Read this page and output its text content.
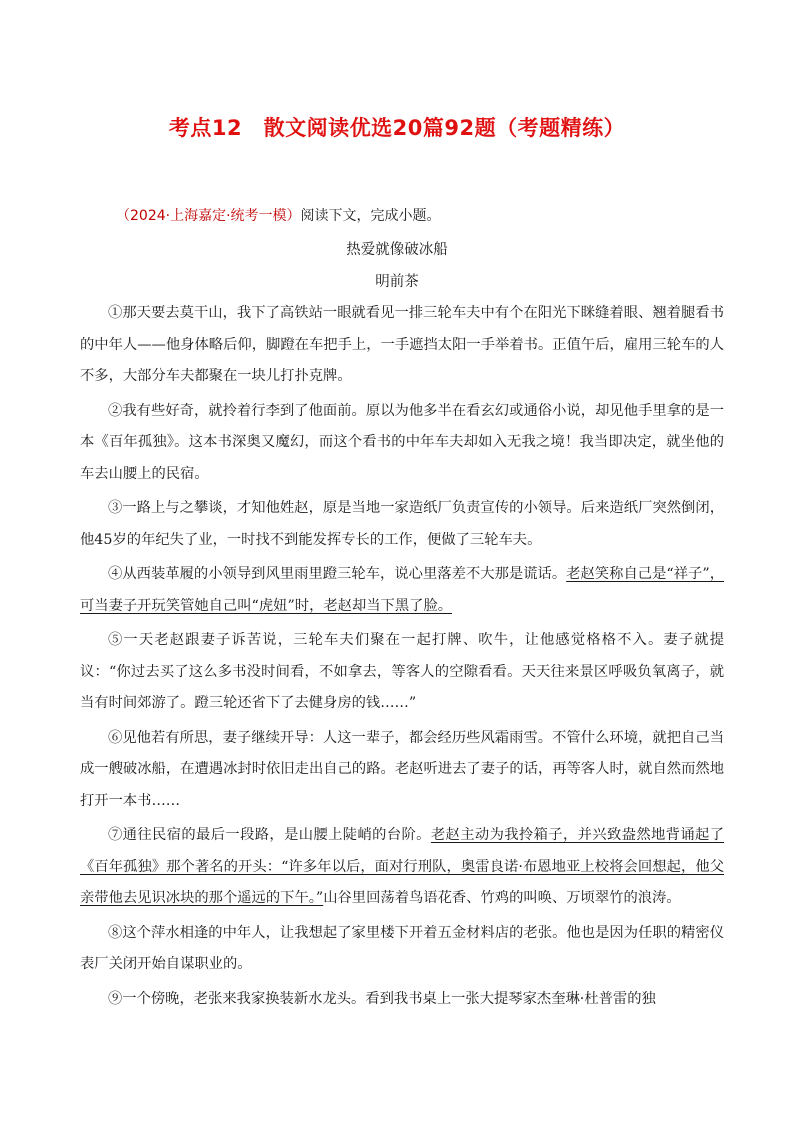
考点12　散文阅读优选20篇92题（考题精练）
（2024·上海嘉定·统考一模）阅读下文，完成小题。
热爱就像破冰船
明前茶

①那天要去莫干山，我下了高铁站一眼就看见一排三轮车夫中有个在阳光下眯缝着眼、翘着腿看书的中年人——他身体略后仰，脚蹬在车把手上，一手遮挡太阳一手举着书。正值午后，雇用三轮车的人不多，大部分车夫都聚在一块儿打扑克牌。

②我有些好奇，就拎着行李到了他面前。原以为他多半在看玄幻或通俗小说，却见他手里拿的是一本《百年孤独》。这本书深奥又魔幻，而这个看书的中年车夫却如入无我之境！我当即决定，就坐他的车去山腰上的民宿。

③一路上与之攀谈，才知他姓赵，原是当地一家造纸厂负责宣传的小领导。后来造纸厂突然倒闭，他45岁的年纪失了业，一时找不到能发挥专长的工作，便做了三轮车夫。

④从西装革履的小领导到风里雨里蹬三轮车，说心里落差不大那是谎话。老赵笑称自己是“祥子”，可当妻子开玩笑管她自己叫“虎妞”时，老赵却当下黑了脸。

⑤一天老赵跟妻子诉苦说，三轮车夫们聚在一起打牌、吹牛，让他感觉格格不入。妻子就提议：“你过去买了这么多书没时间看，不如拿去，等客人的空隙看看。天天往来景区呼吸负氧离子，就当有时间郊游了。蹬三轮还省下了去健身房的钱……”

⑥见他若有所思，妻子继续开导：人这一辈子，都会经历些风霜雨雪。不管什么环境，就把自己当成一艘破冰船，在遭遇冰封时依旧走出自己的路。老赵听进去了妻子的话，再等客人时，就自然而然地打开一本书……

⑦通往民宿的最后一段路，是山腰上陡峭的台阶。老赵主动为我拎箱子，并兴致盎然地背诵起了《百年孤独》那个著名的开头：“许多年以后，面对行刑队，奥雷良诺·布恩地亚上校将会回想起，他父亲带他去见识冰块的那个遥远的下午。”山谷里回荡着鸟语花香、竹鸡的叫唤、万顷翠竹的浪涛。

⑧这个萍水相逢的中年人，让我想起了家里楼下开着五金材料店的老张。他也是因为任职的精密仪表厂关闭开始自谋职业的。

⑨一个傍晚，老张来我家换装新水龙头。看到我书桌上一张大提琴家杰奎琳·杜普雷的独
